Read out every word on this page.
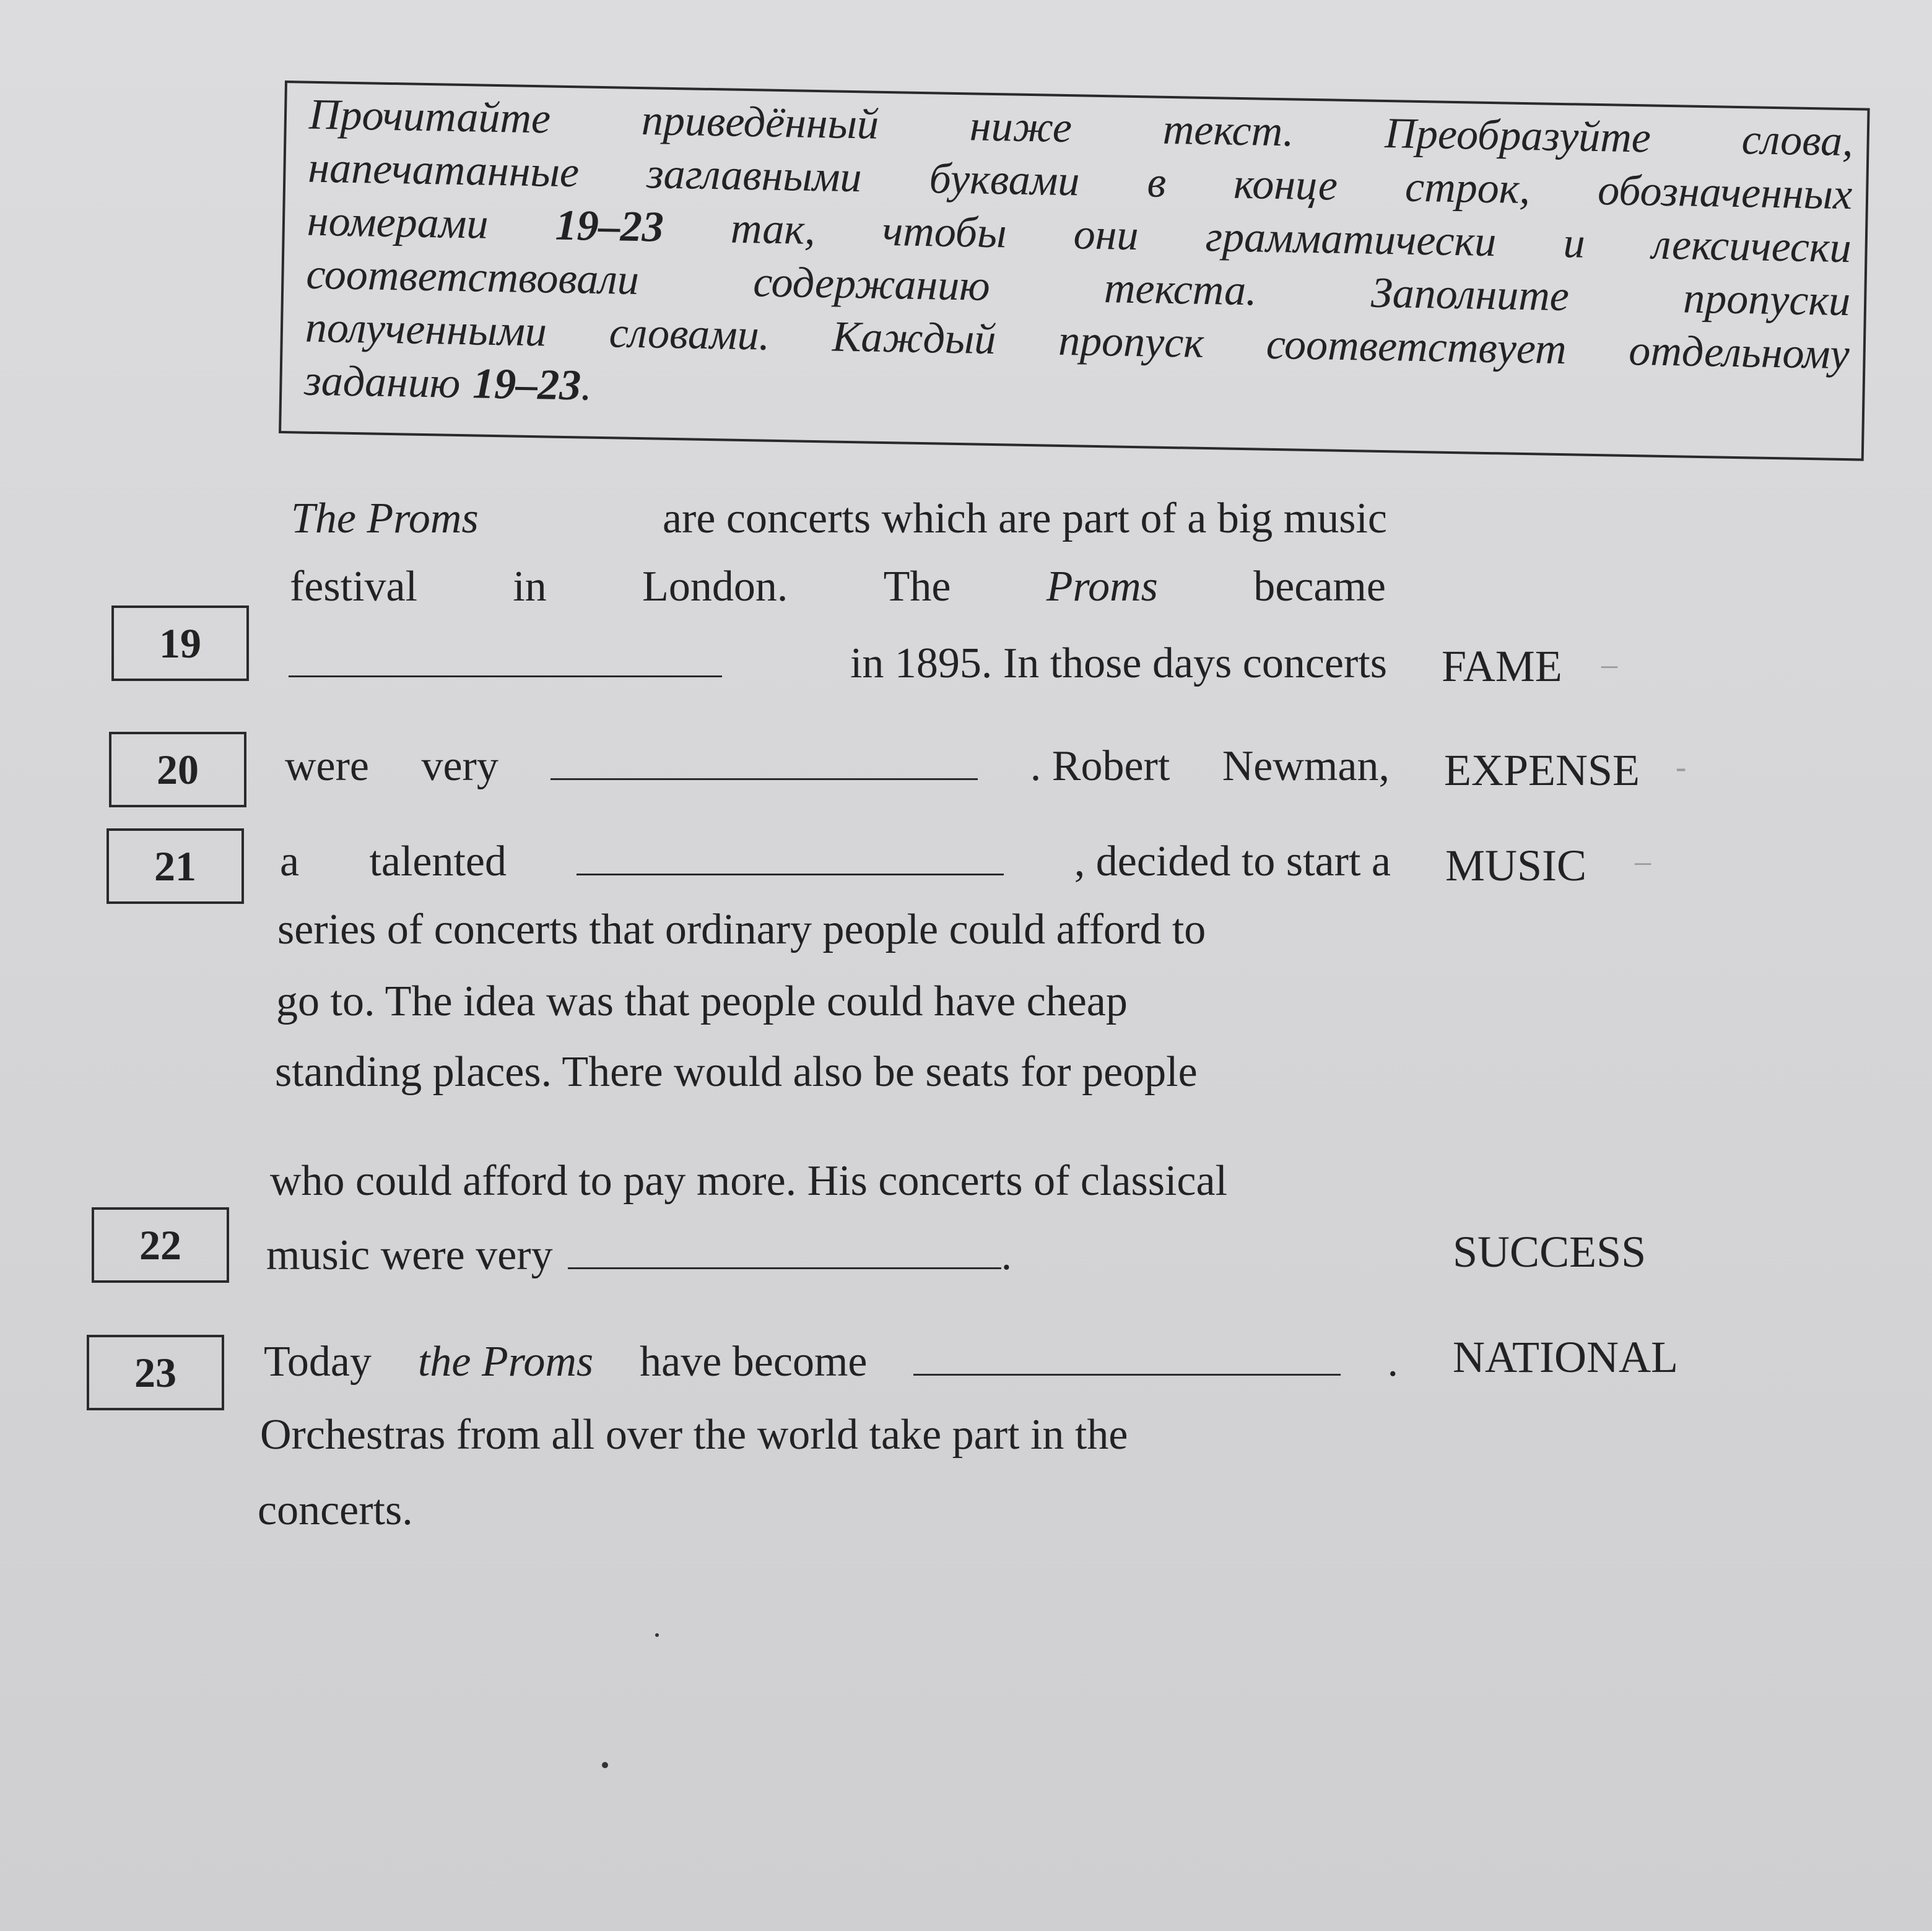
Прочитайте приведённый ниже текст. Преобразуйте слова,
напечатанные заглавными буквами в конце строк, обозначенных
номерами 19–23 так, чтобы они грамматически и лексически
соответствовали	содержанию	текста.	Заполните	пропуски
полученными словами. Каждый пропуск соответствует отдельному
заданию 19–23
.
19
20
21
22
23
The Proms	are concerts which are part of a big music
festival in London. The Proms became
in 1895. In those days concerts
were very	. Robert Newman,
a talented	, decided to start a
series of concerts that ordinary people could afford to
go to. The idea was that people could have cheap
standing places. There would also be seats for people
who could afford to pay more. His concerts of classical
music were very	.
Today the Proms have become	.
Orchestras from all over the world take part in the
concerts.
FAME
EXPENSE
MUSIC
SUCCESS
NATIONAL
–
-
–
